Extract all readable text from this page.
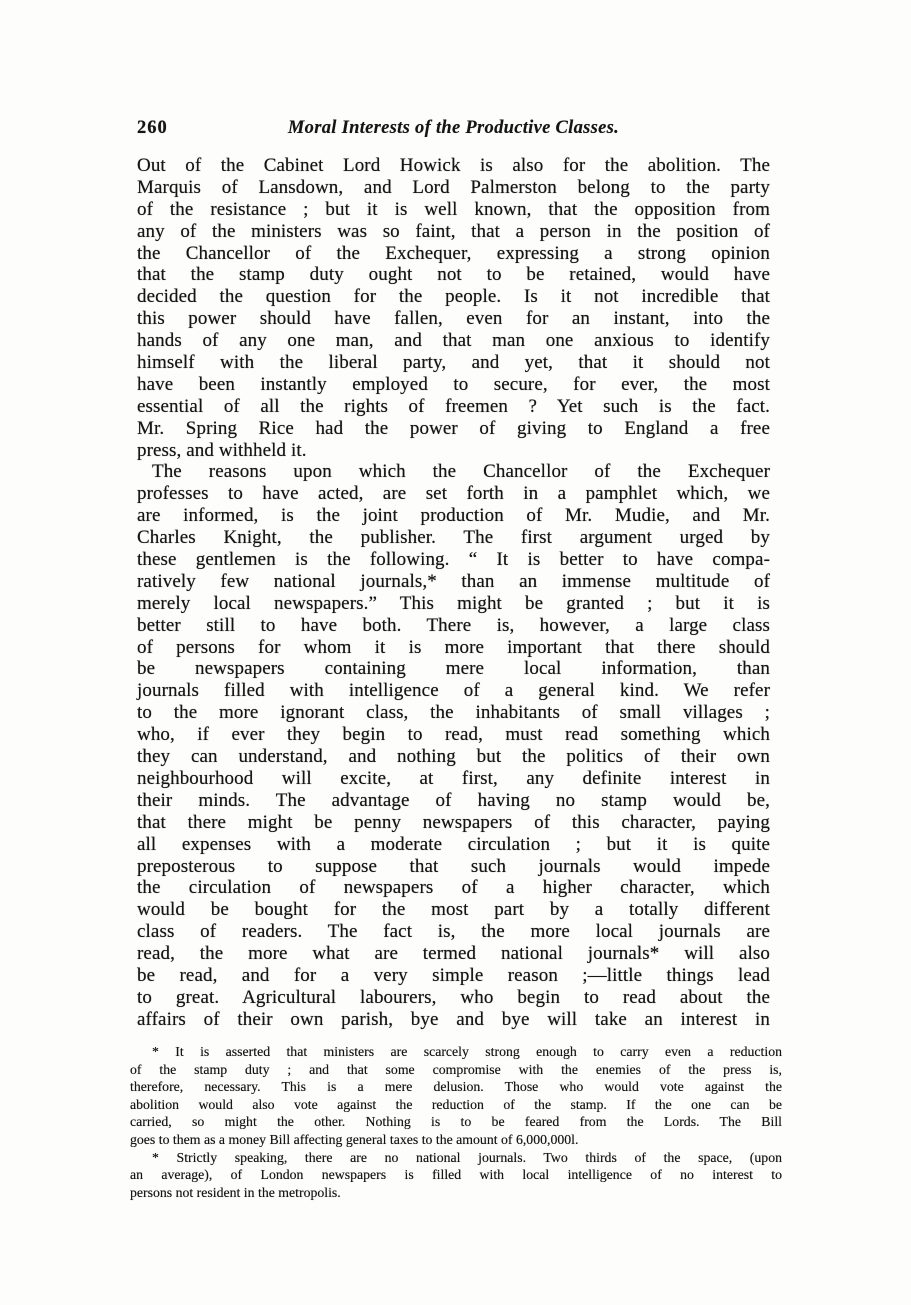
260	Moral Interests of the Productive Classes.
Out of the Cabinet Lord Howick is also for the abolition. The
Marquis of Lansdown, and Lord Palmerston belong to the party
of the resistance ; but it is well known, that the opposition from
any of the ministers was so faint, that a person in the position of
the Chancellor of the Exchequer, expressing a strong opinion
that the stamp duty ought not to be retained, would have
decided the question for the people. Is it not incredible that
this power should have fallen, even for an instant, into the
hands of any one man, and that man one anxious to identify
himself with the liberal party, and yet, that it should not
have been instantly employed to secure, for ever, the most
essential of all the rights of freemen ? Yet such is the fact.
Mr. Spring Rice had the power of giving to England a free
press, and withheld it.
The reasons upon which the Chancellor of the Exchequer
professes to have acted, are set forth in a pamphlet which, we
are informed, is the joint production of Mr. Mudie, and Mr.
Charles Knight, the publisher. The first argument urged by
these gentlemen is the following. “ It is better to have compa-
ratively few national journals,* than an immense multitude of
merely local newspapers.” This might be granted ; but it is
better still to have both. There is, however, a large class
of persons for whom it is more important that there should
be newspapers containing mere local information, than
journals filled with intelligence of a general kind. We refer
to the more ignorant class, the inhabitants of small villages ;
who, if ever they begin to read, must read something which
they can understand, and nothing but the politics of their own
neighbourhood will excite, at first, any definite interest in
their minds. The advantage of having no stamp would be,
that there might be penny newspapers of this character, paying
all expenses with a moderate circulation ; but it is quite
preposterous to suppose that such journals would impede
the circulation of newspapers of a higher character, which
would be bought for the most part by a totally different
class of readers. The fact is, the more local journals are
read, the more what are termed national journals* will also
be read, and for a very simple reason ;—little things lead
to great. Agricultural labourers, who begin to read about the
affairs of their own parish, bye and bye will take an interest in
* It is asserted that ministers are scarcely strong enough to carry even a reduction
of the stamp duty ; and that some compromise with the enemies of the press is,
therefore, necessary. This is a mere delusion. Those who would vote against the
abolition would also vote against the reduction of the stamp. If the one can be
carried, so might the other. Nothing is to be feared from the Lords. The Bill
goes to them as a money Bill affecting general taxes to the amount of 6,000,000l.
* Strictly speaking, there are no national journals. Two thirds of the space, (upon
an average), of London newspapers is filled with local intelligence of no interest to
persons not resident in the metropolis.
